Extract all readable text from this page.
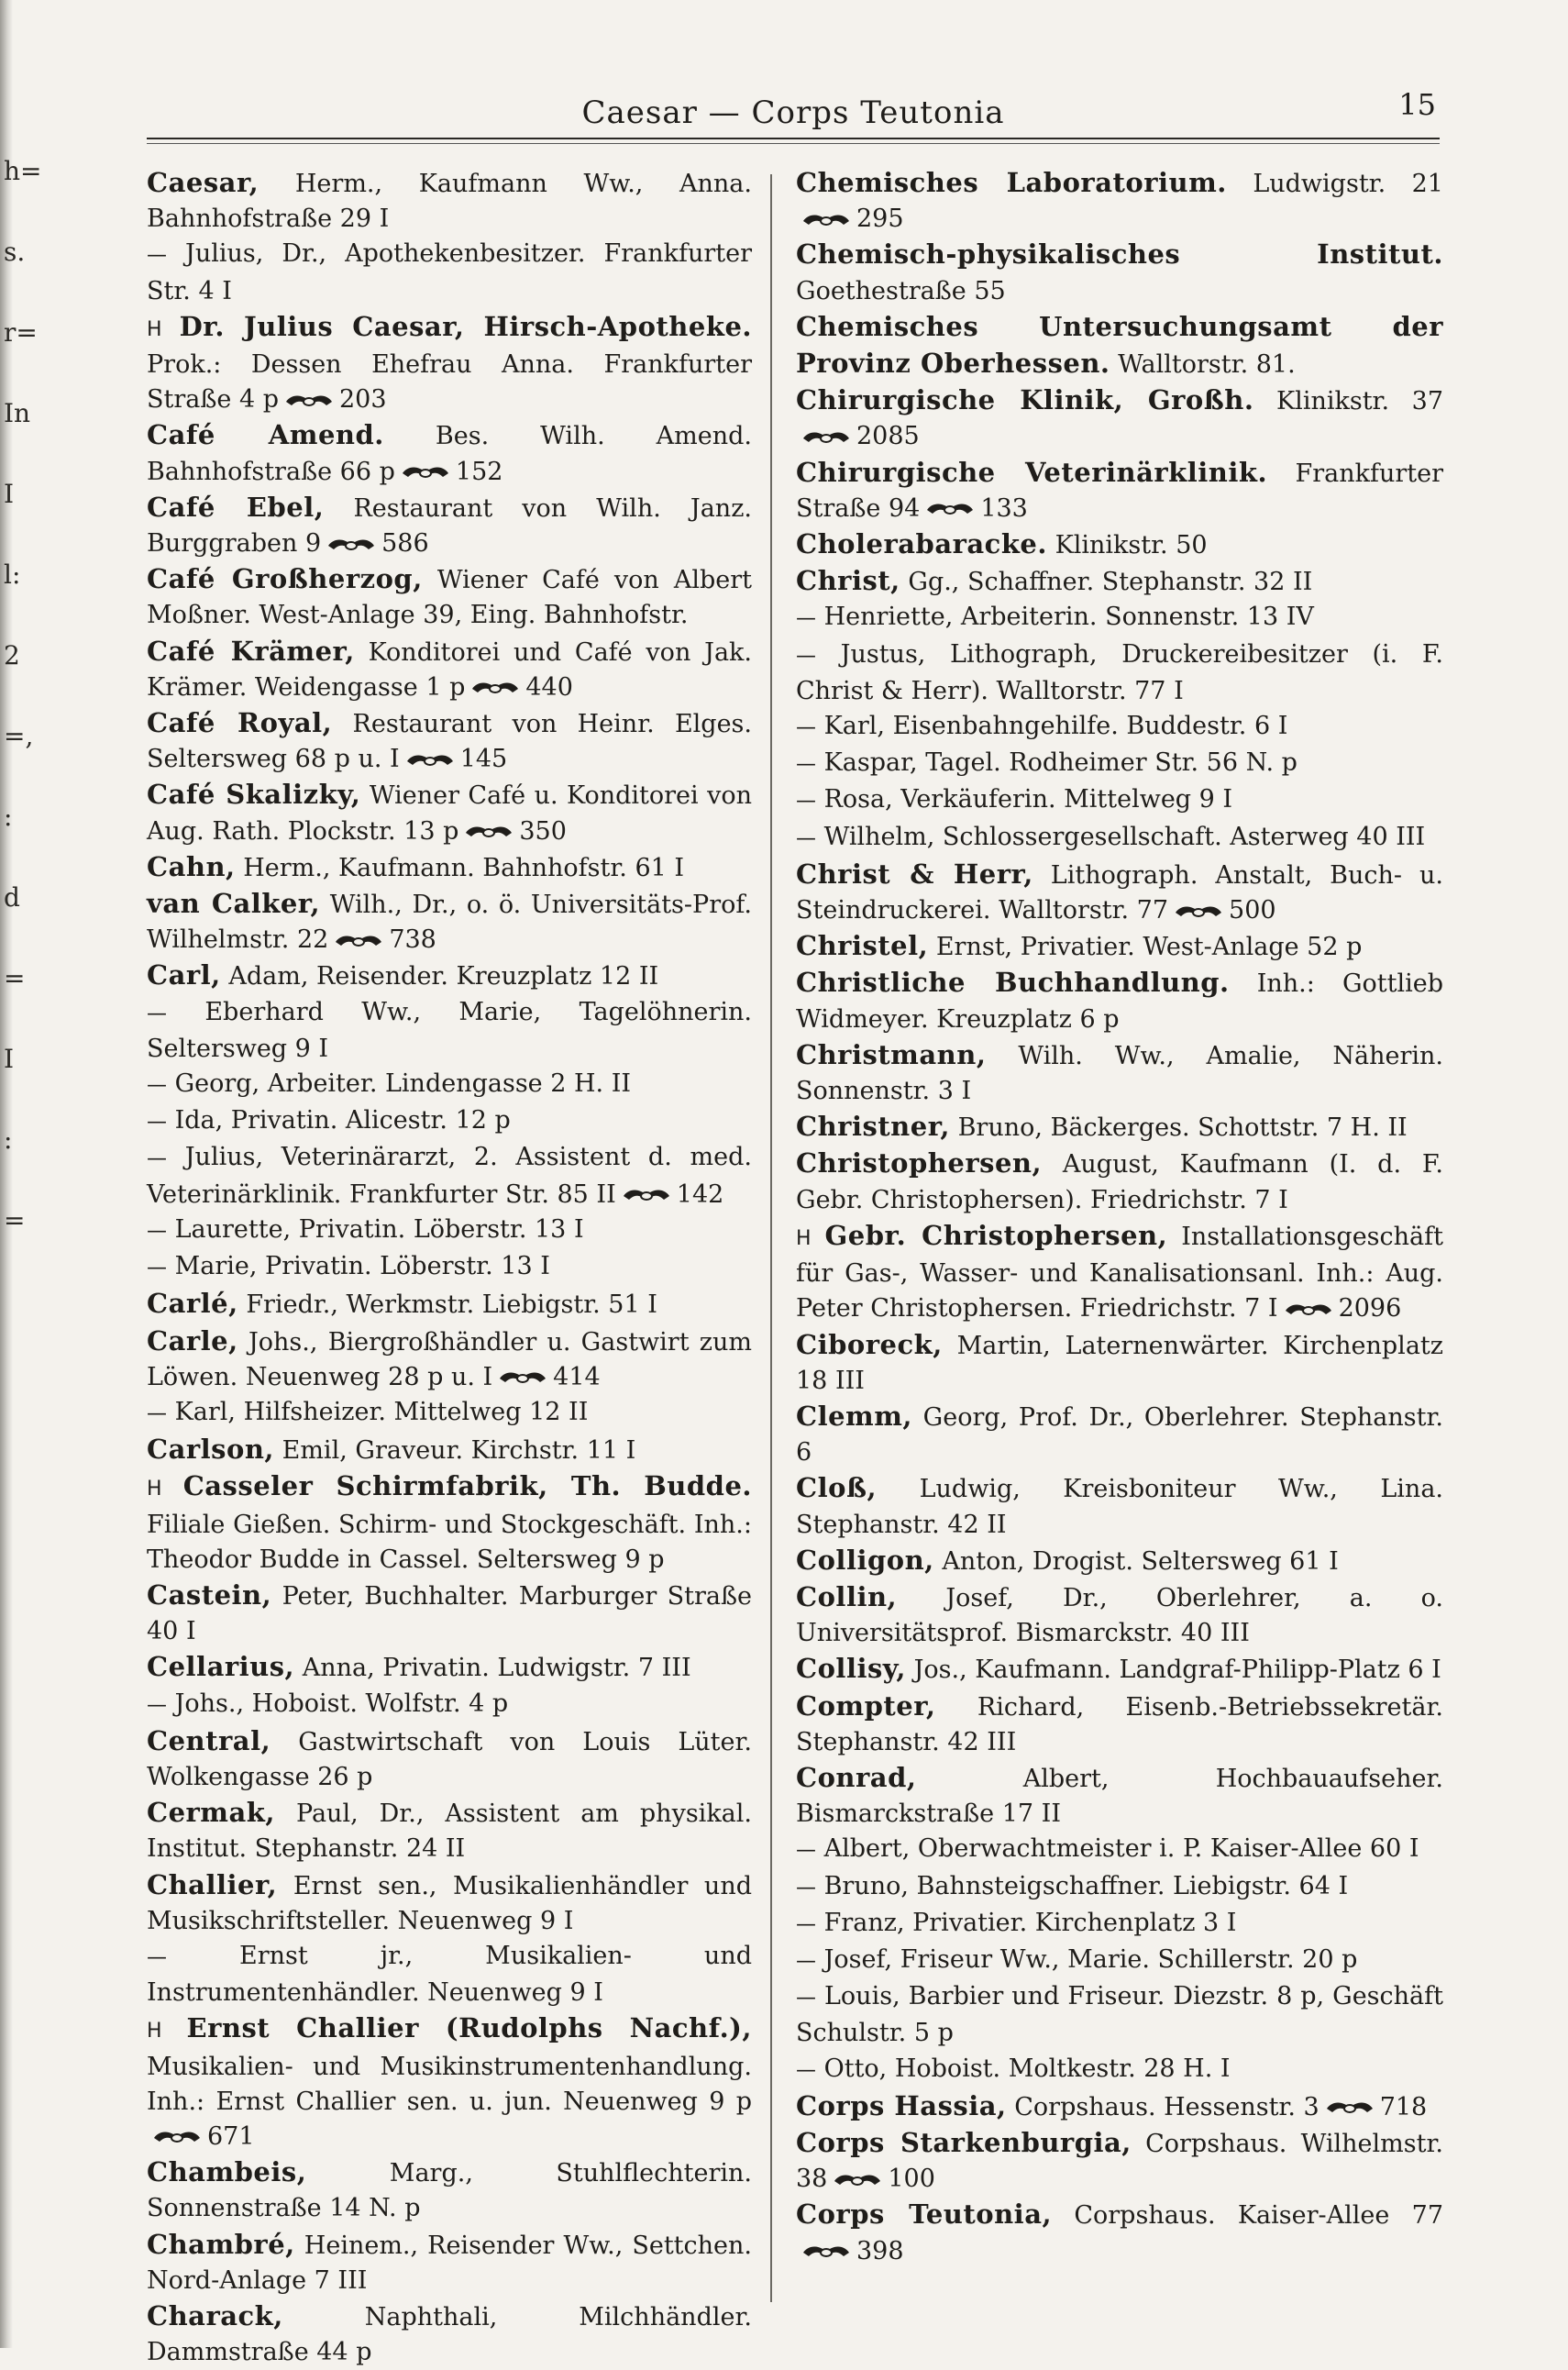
h=
s.
r=
In
I
l:
2
=,
:
d
=
I
:
=
Caesar — Corps Teutonia	15

Caesar, Herm., Kaufmann Ww., Anna. Bahnhofstraße 29 I

— Julius, Dr., Apothekenbesitzer. Frankfurter Str. 4 I

H Dr. Julius Caesar, Hirsch-Apotheke. Prok.: Dessen Ehefrau Anna. Frankfurter Straße 4 p 203

Café Amend. Bes. Wilh. Amend. Bahnhofstraße 66 p 152

Café Ebel, Restaurant von Wilh. Janz. Burggraben 9 586

Café Großherzog, Wiener Café von Albert Moßner. West-Anlage 39, Eing. Bahnhofstr.

Café Krämer, Konditorei und Café von Jak. Krämer. Weidengasse 1 p 440

Café Royal, Restaurant von Heinr. Elges. Seltersweg 68 p u. I 145

Café Skalizky, Wiener Café u. Konditorei von Aug. Rath. Plockstr. 13 p 350

Cahn, Herm., Kaufmann. Bahnhofstr. 61 I

van Calker, Wilh., Dr., o. ö. Universitäts-Prof. Wilhelmstr. 22 738

Carl, Adam, Reisender. Kreuzplatz 12 II

— Eberhard Ww., Marie, Tagelöhnerin. Seltersweg 9 I

— Georg, Arbeiter. Lindengasse 2 H. II

— Ida, Privatin. Alicestr. 12 p

— Julius, Veterinärarzt, 2. Assistent d. med. Veterinärklinik. Frankfurter Str. 85 II 142

— Laurette, Privatin. Löberstr. 13 I

— Marie, Privatin. Löberstr. 13 I

Carlé, Friedr., Werkmstr. Liebigstr. 51 I

Carle, Johs., Biergroßhändler u. Gastwirt zum Löwen. Neuenweg 28 p u. I 414

— Karl, Hilfsheizer. Mittelweg 12 II

Carlson, Emil, Graveur. Kirchstr. 11 I

H Casseler Schirmfabrik, Th. Budde. Filiale Gießen. Schirm- und Stockgeschäft. Inh.: Theodor Budde in Cassel. Seltersweg 9 p

Castein, Peter, Buchhalter. Marburger Straße 40 I

Cellarius, Anna, Privatin. Ludwigstr. 7 III

— Johs., Hoboist. Wolfstr. 4 p

Central, Gastwirtschaft von Louis Lüter. Wolkengasse 26 p

Cermak, Paul, Dr., Assistent am physikal. Institut. Stephanstr. 24 II

Challier, Ernst sen., Musikalienhändler und Musikschriftsteller. Neuenweg 9 I

—	Ernst jr., Musikalien- und Instrumentenhändler. Neuenweg 9 I

H Ernst Challier (Rudolphs Nachf.), Musikalien- und Musikinstrumentenhandlung. Inh.: Ernst Challier sen. u. jun. Neuenweg 9 p671

Chambeis,	Marg., Stuhlflechterin. Sonnenstraße 14 N. p

Chambré, Heinem., Reisender Ww., Settchen. Nord-Anlage 7 III

Charack,	Naphthali, Milchhändler. Dammstraße 44 p

Chemisches Laboratorium. Ludwigstr. 21295

Chemisch-physikalisches Institut. Goethestraße 55

Chemisches Untersuchungsamt der Provinz Oberhessen. Walltorstr. 81.

Chirurgische Klinik, Großh. Klinikstr. 372085

Chirurgische Veterinärklinik. Frankfurter Straße 94 133

Cholerabaracke. Klinikstr. 50

Christ, Gg., Schaffner. Stephanstr. 32 II

— Henriette, Arbeiterin. Sonnenstr. 13 IV

— Justus, Lithograph, Druckereibesitzer (i. F. Christ & Herr). Walltorstr. 77 I

— Karl, Eisenbahngehilfe. Buddestr. 6 I

— Kaspar, Tagel. Rodheimer Str. 56 N. p

— Rosa, Verkäuferin. Mittelweg 9 I

— Wilhelm, Schlossergesellschaft. Asterweg 40 III

Christ & Herr, Lithograph. Anstalt, Buch- u. Steindruckerei. Walltorstr. 77 500

Christel, Ernst, Privatier. West-Anlage 52 p

Christliche Buchhandlung. Inh.: Gottlieb Widmeyer. Kreuzplatz 6 p

Christmann, Wilh. Ww., Amalie, Näherin. Sonnenstr. 3 I

Christner, Bruno, Bäckerges. Schottstr. 7 H. II

Christophersen, August, Kaufmann (I. d. F. Gebr. Christophersen). Friedrichstr. 7 I

H Gebr. Christophersen, Installationsgeschäft für Gas-, Wasser- und Kanalisationsanl. Inh.: Aug. Peter Christophersen. Friedrichstr. 7 I 2096

Ciboreck, Martin, Laternenwärter. Kirchenplatz 18 III

Clemm, Georg, Prof. Dr., Oberlehrer. Stephanstr. 6

Cloß, Ludwig, Kreisboniteur Ww., Lina. Stephanstr. 42 II

Colligon, Anton, Drogist. Seltersweg 61 I

Collin, Josef, Dr., Oberlehrer, a. o. Universitätsprof. Bismarckstr. 40 III

Collisy, Jos., Kaufmann. Landgraf-Philipp-Platz 6 I

Compter, Richard, Eisenb.-Betriebssekretär. Stephanstr. 42 III

Conrad,	Albert, Hochbauaufseher. Bismarckstraße 17 II

— Albert, Oberwachtmeister i. P. Kaiser-Allee 60 I

— Bruno, Bahnsteigschaffner. Liebigstr. 64 I

— Franz, Privatier. Kirchenplatz 3 I

— Josef, Friseur Ww., Marie. Schillerstr. 20 p

— Louis, Barbier und Friseur. Diezstr. 8 p, Geschäft Schulstr. 5 p

— Otto, Hoboist. Moltkestr. 28 H. I

Corps Hassia, Corpshaus. Hessenstr. 3 718

Corps Starkenburgia, Corpshaus. Wilhelmstr. 38 100

Corps Teutonia, Corpshaus. Kaiser-Allee 77398
